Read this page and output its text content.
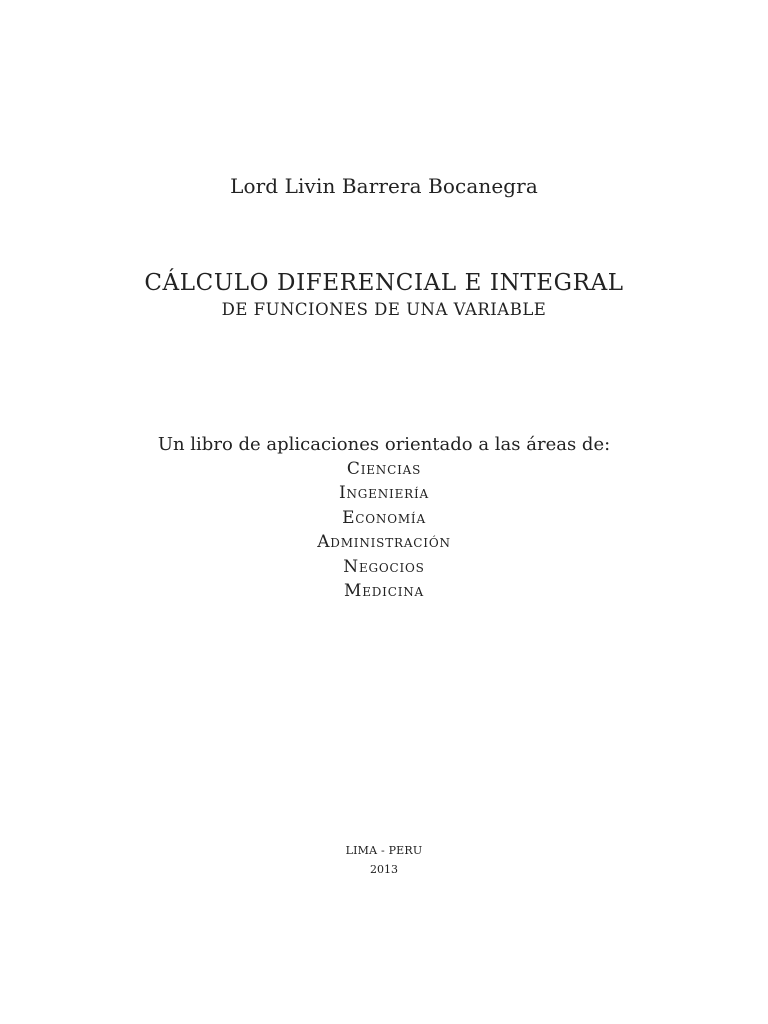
Lord Livin Barrera Bocanegra
CÁLCULO DIFERENCIAL E INTEGRAL
DE FUNCIONES DE UNA VARIABLE
Un libro de aplicaciones orientado a las áreas de:
Ciencias
Ingeniería
Economía
Administración
Negocios
Medicina
LIMA - PERU
2013
